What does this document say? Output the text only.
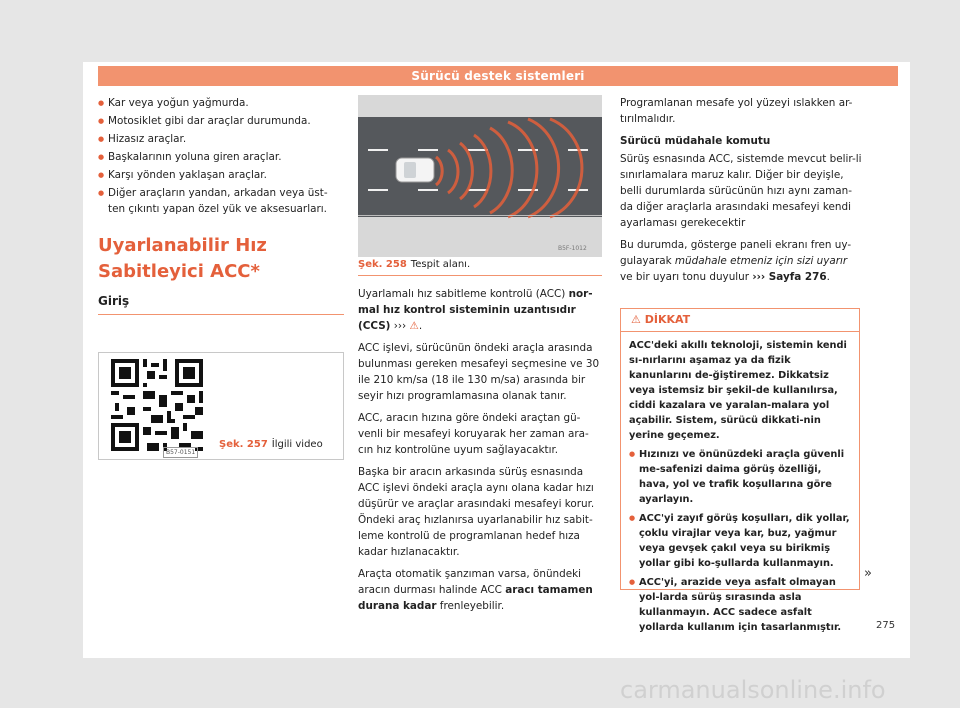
Sürücü destek sistemleri
● Kar veya yoğun yağmurda.
● Motosiklet gibi dar araçlar durumunda.
● Hizasız araçlar.
● Başkalarının yoluna giren araçlar.
● Karşı yönden yaklaşan araçlar.
● Diğer araçların yandan, arkadan veya üst-ten çıkıntı yapan özel yük ve aksesuarları.
Uyarlanabilir Hız Sabitleyici ACC*
Giriş
B57-0151
Şek. 257 İlgili video
B5F-1012
Şek. 258 Tespit alanı.

Uyarlamalı hız sabitleme kontrolü (ACC) nor-mal hız kontrol sisteminin uzantısıdır (CCS) ››› ⚠.

ACC işlevi, sürücünün öndeki araçla arasında bulunması gereken mesafeyi seçmesine ve 30 ile 210 km/sa (18 ile 130 m/sa) arasında bir seyir hızı programlamasına olanak tanır.

ACC, aracın hızına göre öndeki araçtan gü-venli bir mesafeyi koruyarak her zaman ara-cın hız kontrolüne uyum sağlayacaktır.

Başka bir aracın arkasında sürüş esnasında ACC işlevi öndeki araçla aynı olana kadar hızı düşürür ve araçlar arasındaki mesafeyi korur. Öndeki araç hızlanırsa uyarlanabilir hız sabit-leme kontrolü de programlanan hedef hıza kadar hızlanacaktır.

Araçta otomatik şanzıman varsa, önündeki aracın durması halinde ACC aracı tamamen durana kadar frenleyebilir.

Programlanan mesafe yol yüzeyi ıslakken ar-tırılmalıdır.

Sürücü müdahale komutu

Sürüş esnasında ACC, sistemde mevcut belir-li sınırlamalara maruz kalır. Diğer bir deyişle, belli durumlarda sürücünün hızı aynı zaman-da diğer araçlarla arasındaki mesafeyi kendi ayarlaması gerekecektir

Bu durumda, gösterge paneli ekranı fren uy-gulayarak müdahale etmeniz için sizi uyarır ve bir uyarı tonu duyulur ››› Sayfa 276.

⚠ DİKKAT

ACC'deki akıllı teknoloji, sistemin kendi sı-nırlarını aşamaz ya da fizik kanunlarını de-ğiştiremez. Dikkatsiz veya istemsiz bir şekil-de kullanılırsa, ciddi kazalara ve yaralan-malara yol açabilir. Sistem, sürücü dikkati-nin yerine geçemez.

● Hızınızı ve önünüzdeki araçla güvenli me-safenizi daima görüş özelliği, hava, yol ve trafik koşullarına göre ayarlayın.
● ACC'yi zayıf görüş koşulları, dik yollar, çoklu virajlar veya kar, buz, yağmur veya gevşek çakıl veya su birikmiş yollar gibi ko-şullarda kullanmayın.
● ACC'yi, arazide veya asfalt olmayan yol-larda sürüş sırasında asla kullanmayın. ACC sadece asfalt yollarda kullanım için tasarlanmıştır.
»
275
carmanualsonline.info
